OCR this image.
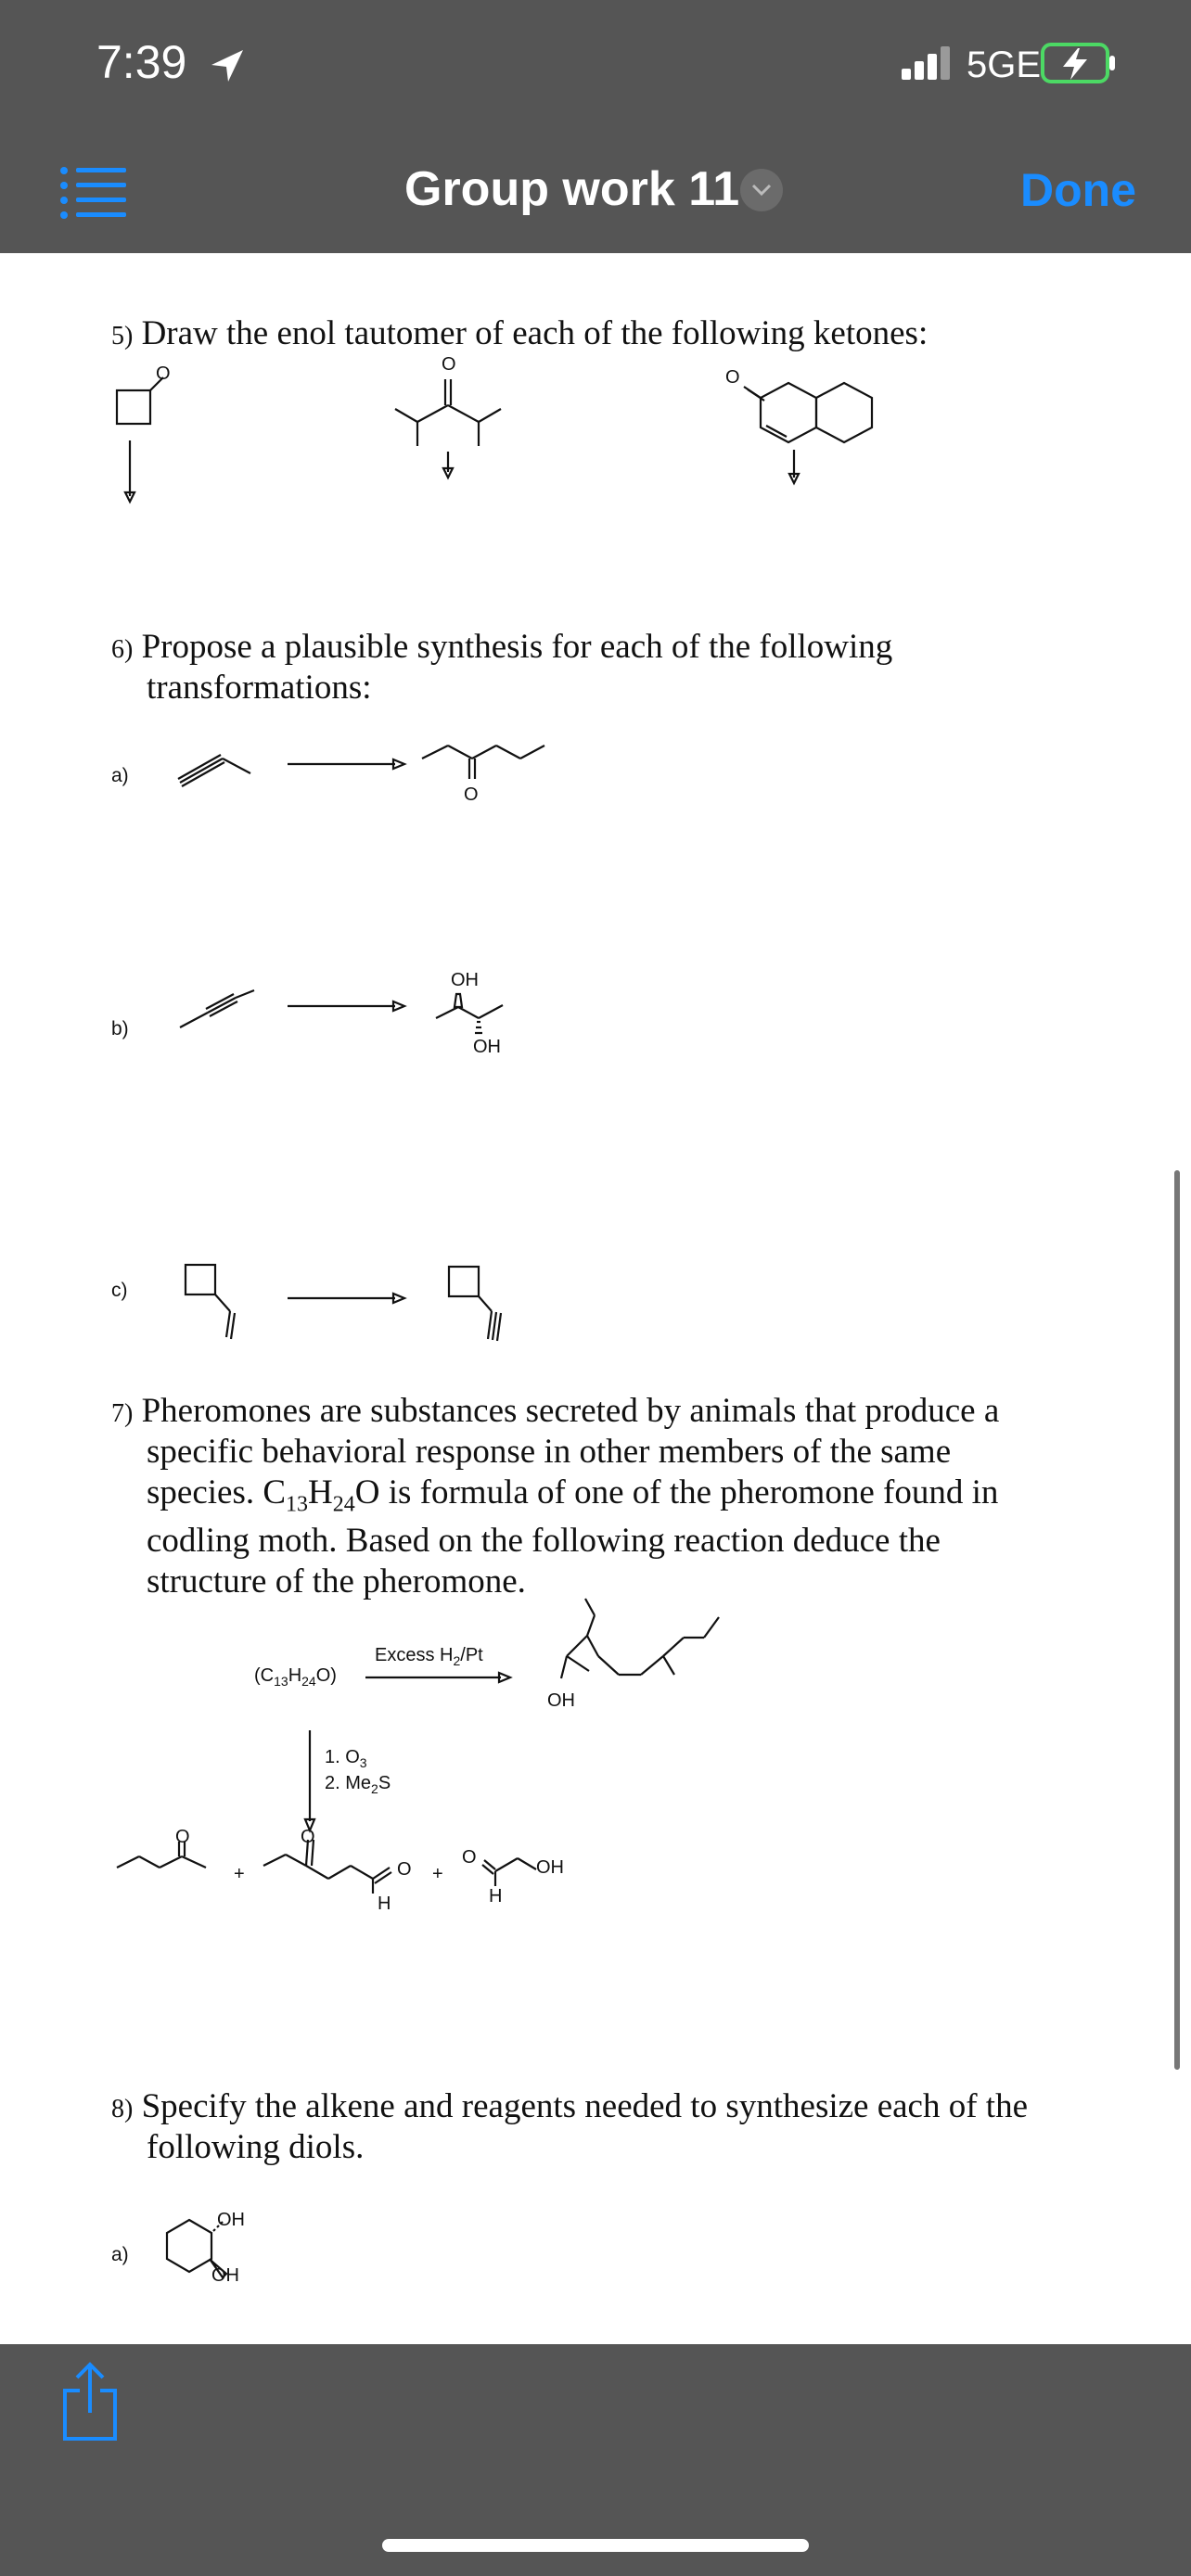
7:39	5GE
Group work 11	Done
5) Draw the enol tautomer of each of the following ketones:
O	O
O
6) Propose a plausible synthesis for each of the following
transformations:
a)
O
b)
OH
OH
c)
7) Pheromones are substances secreted by animals that produce a
specific behavioral response in other members of the same
species. $C_{13}H_{24}O$ is formula of one of the pheromone found in
codling moth. Based on the following reaction deduce the
structure of the pheromone.
$(C_{13}H_{24}O)$
Excess $H_2/Pt$
OH
1. $O_3$
2. $Me_2S$
O
+
O
O
H
+
O	OH
H
8) Specify the alkene and reagents needed to synthesize each of the
following diols.
a)
OH
OH
